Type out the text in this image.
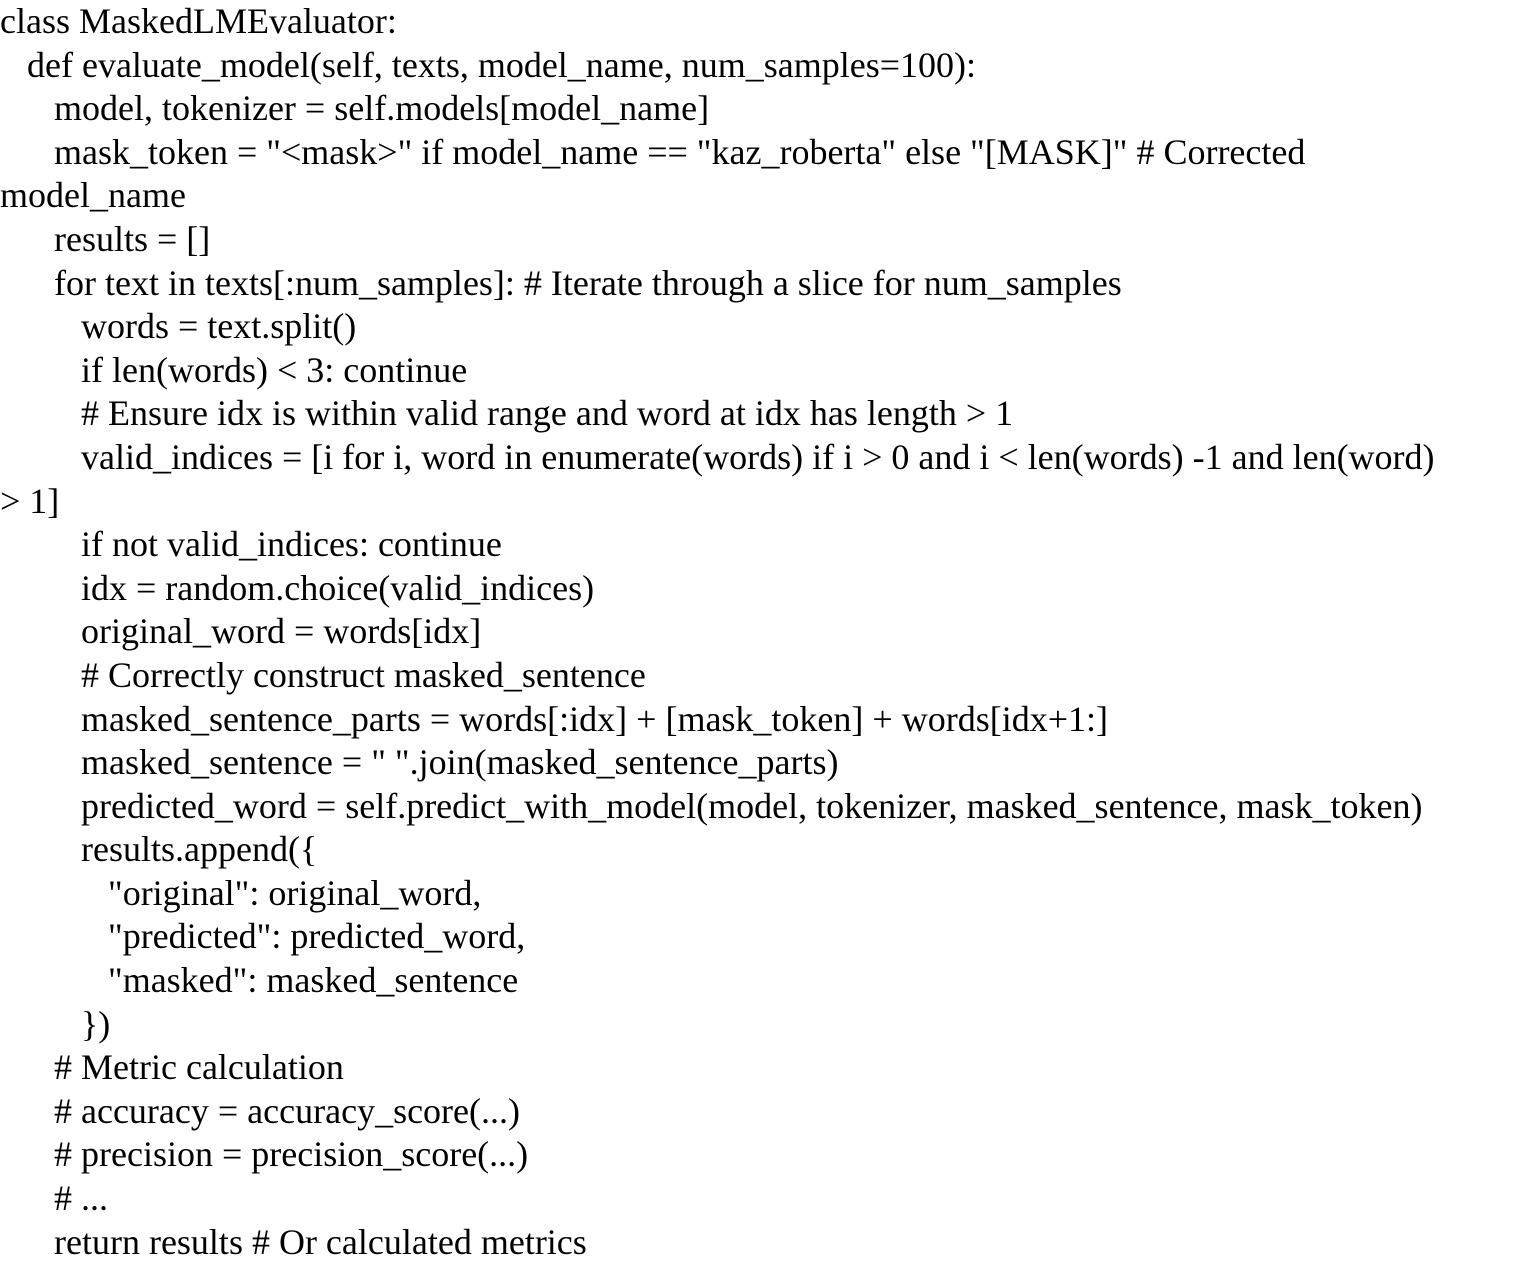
class MaskedLMEvaluator:
def evaluate_model(self, texts, model_name, num_samples=100):
model, tokenizer = self.models[model_name]
mask_token = "<mask>" if model_name == "kaz_roberta" else "[MASK]" # Corrected
model_name
results = []
for text in texts[:num_samples]: # Iterate through a slice for num_samples
words = text.split()
if len(words) < 3: continue
# Ensure idx is within valid range and word at idx has length > 1
valid_indices = [i for i, word in enumerate(words) if i > 0 and i < len(words) -1 and len(word)
> 1]
if not valid_indices: continue
idx = random.choice(valid_indices)
original_word = words[idx]
# Correctly construct masked_sentence
masked_sentence_parts = words[:idx] + [mask_token] + words[idx+1:]
masked_sentence = " ".join(masked_sentence_parts)
predicted_word = self.predict_with_model(model, tokenizer, masked_sentence, mask_token)
results.append({
"original": original_word,
"predicted": predicted_word,
"masked": masked_sentence
})
# Metric calculation
# accuracy = accuracy_score(...)
# precision = precision_score(...)
# ...
return results # Or calculated metrics
